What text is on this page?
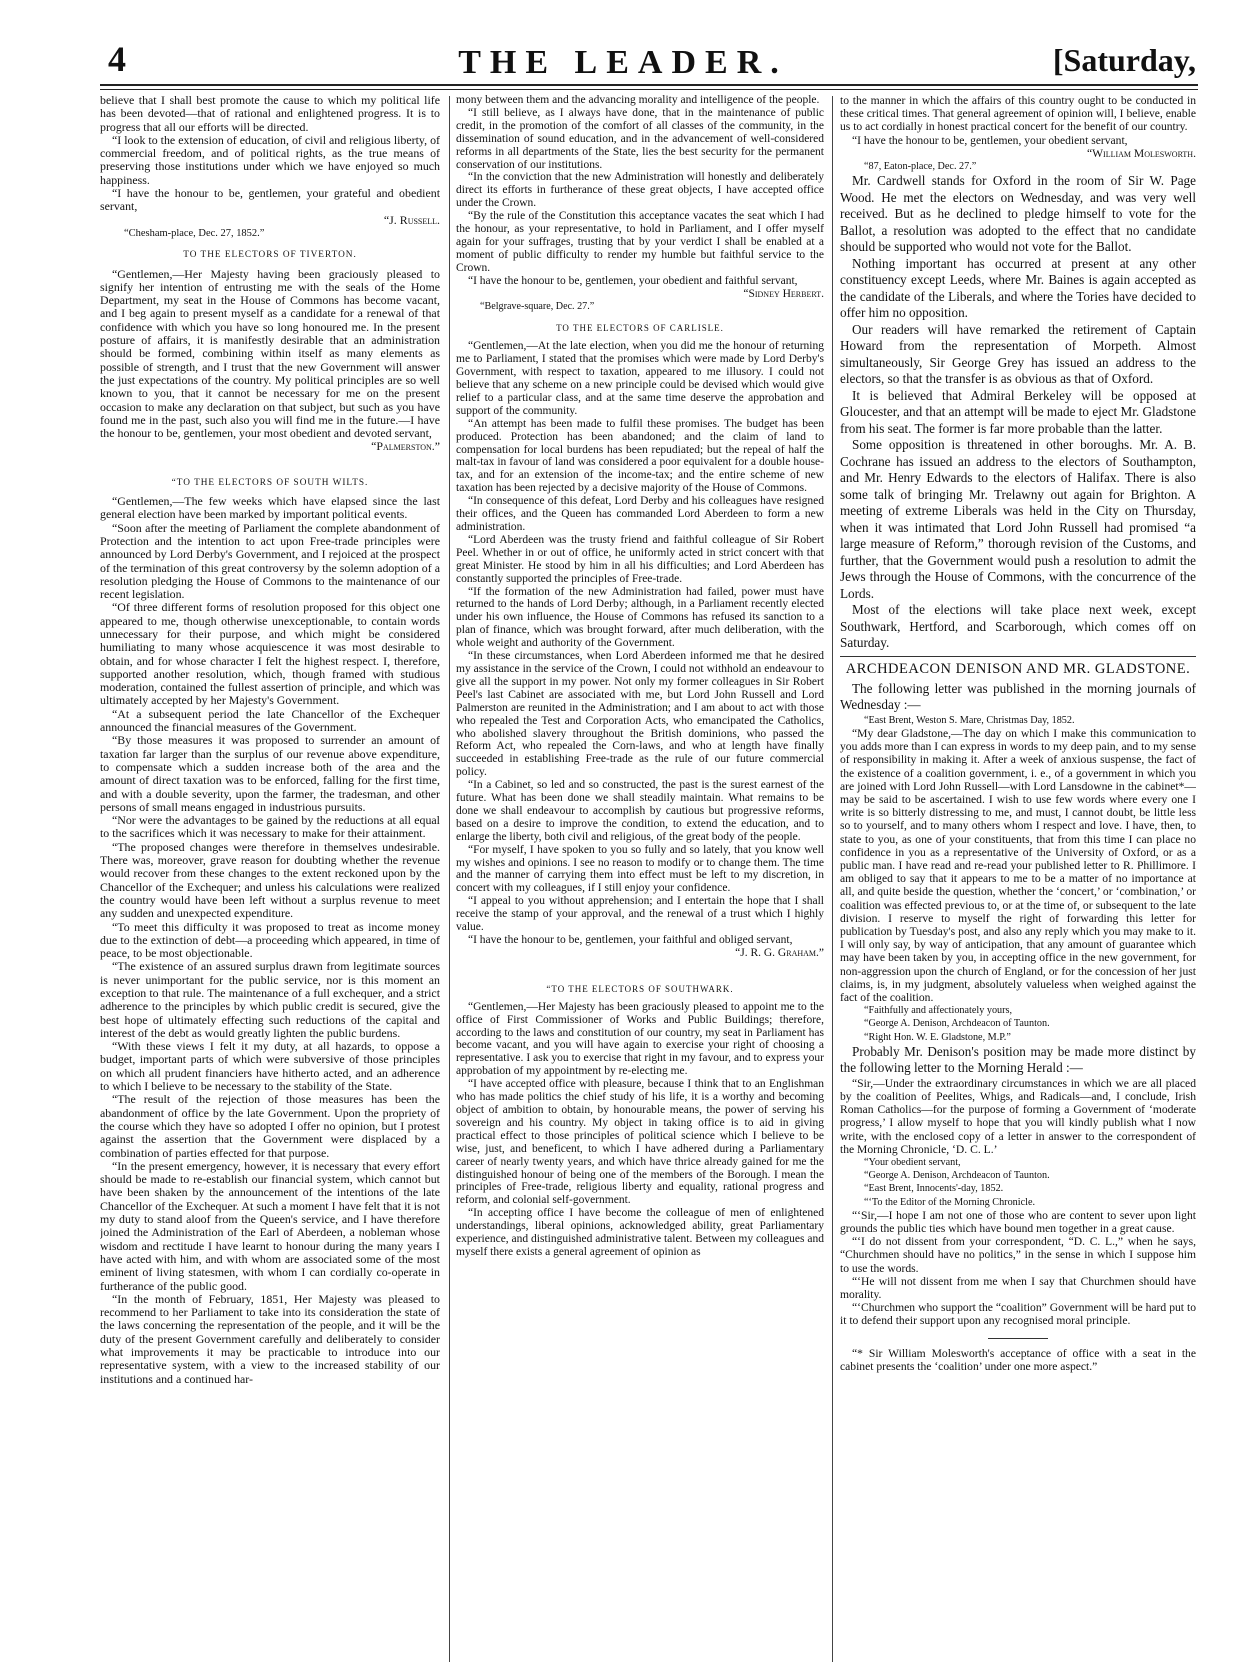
4	THE LEADER.	[Saturday,

believe that I shall best promote the cause to which my political life has been devoted—that of rational and enlightened progress. It is to progress that all our efforts will be directed.

“I look to the extension of education, of civil and religious liberty, of commercial freedom, and of political rights, as the true means of preserving those institutions under which we have enjoyed so much happiness.

“I have the honour to be, gentlemen, your grateful and obedient servant,

“J. Russell.

“Chesham-place, Dec. 27, 1852.”

TO THE ELECTORS OF TIVERTON.

“Gentlemen,—Her Majesty having been graciously pleased to signify her intention of entrusting me with the seals of the Home Department, my seat in the House of Commons has become vacant, and I beg again to present myself as a candidate for a renewal of that confidence with which you have so long honoured me. In the present posture of affairs, it is manifestly desirable that an administration should be formed, combining within itself as many elements as possible of strength, and I trust that the new Government will answer the just expectations of the country. My political principles are so well known to you, that it cannot be necessary for me on the present occasion to make any declaration on that subject, but such as you have found me in the past, such also you will find me in the future.—I have the honour to be, gentlemen, your most obedient and devoted servant,

“Palmerston.”

“TO THE ELECTORS OF SOUTH WILTS.

“Gentlemen,—The few weeks which have elapsed since the last general election have been marked by important political events.

“Soon after the meeting of Parliament the complete abandonment of Protection and the intention to act upon Free-trade principles were announced by Lord Derby's Government, and I rejoiced at the prospect of the termination of this great controversy by the solemn adoption of a resolution pledging the House of Commons to the maintenance of our recent legislation.

“Of three different forms of resolution proposed for this object one appeared to me, though otherwise unexceptionable, to contain words unnecessary for their purpose, and which might be considered humiliating to many whose acquiescence it was most desirable to obtain, and for whose character I felt the highest respect. I, therefore, supported another resolution, which, though framed with studious moderation, contained the fullest assertion of principle, and which was ultimately accepted by her Majesty's Government.

“At a subsequent period the late Chancellor of the Exchequer announced the financial measures of the Government.

“By those measures it was proposed to surrender an amount of taxation far larger than the surplus of our revenue above expenditure, to compensate which a sudden increase both of the area and the amount of direct taxation was to be enforced, falling for the first time, and with a double severity, upon the farmer, the tradesman, and other persons of small means engaged in industrious pursuits.

“Nor were the advantages to be gained by the reductions at all equal to the sacrifices which it was necessary to make for their attainment.

“The proposed changes were therefore in themselves undesirable. There was, moreover, grave reason for doubting whether the revenue would recover from these changes to the extent reckoned upon by the Chancellor of the Exchequer; and unless his calculations were realized the country would have been left without a surplus revenue to meet any sudden and unexpected expenditure.

“To meet this difficulty it was proposed to treat as income money due to the extinction of debt—a proceeding which appeared, in time of peace, to be most objectionable.

“The existence of an assured surplus drawn from legitimate sources is never unimportant for the public service, nor is this moment an exception to that rule. The maintenance of a full exchequer, and a strict adherence to the principles by which public credit is secured, give the best hope of ultimately effecting such reductions of the capital and interest of the debt as would greatly lighten the public burdens.

“With these views I felt it my duty, at all hazards, to oppose a budget, important parts of which were subversive of those principles on which all prudent financiers have hitherto acted, and an adherence to which I believe to be necessary to the stability of the State.

“The result of the rejection of those measures has been the abandonment of office by the late Government. Upon the propriety of the course which they have so adopted I offer no opinion, but I protest against the assertion that the Government were displaced by a combination of parties effected for that purpose.

“In the present emergency, however, it is necessary that every effort should be made to re-establish our financial system, which cannot but have been shaken by the announcement of the intentions of the late Chancellor of the Exchequer. At such a moment I have felt that it is not my duty to stand aloof from the Queen's service, and I have therefore joined the Administration of the Earl of Aberdeen, a nobleman whose wisdom and rectitude I have learnt to honour during the many years I have acted with him, and with whom are associated some of the most eminent of living statesmen, with whom I can cordially co-operate in furtherance of the public good.

“In the month of February, 1851, Her Majesty was pleased to recommend to her Parliament to take into its consideration the state of the laws concerning the representation of the people, and it will be the duty of the present Government carefully and deliberately to consider what improvements it may be practicable to introduce into our representative system, with a view to the increased stability of our institutions and a continued har-

mony between them and the advancing morality and intelligence of the people.

“I still believe, as I always have done, that in the maintenance of public credit, in the promotion of the comfort of all classes of the community, in the dissemination of sound education, and in the advancement of well-considered reforms in all departments of the State, lies the best security for the permanent conservation of our institutions.

“In the conviction that the new Administration will honestly and deliberately direct its efforts in furtherance of these great objects, I have accepted office under the Crown.

“By the rule of the Constitution this acceptance vacates the seat which I had the honour, as your representative, to hold in Parliament, and I offer myself again for your suffrages, trusting that by your verdict I shall be enabled at a moment of public difficulty to render my humble but faithful service to the Crown.

“I have the honour to be, gentlemen, your obedient and faithful servant,

“Sidney Herbert.

“Belgrave-square, Dec. 27.”

TO THE ELECTORS OF CARLISLE.

“Gentlemen,—At the late election, when you did me the honour of returning me to Parliament, I stated that the promises which were made by Lord Derby's Government, with respect to taxation, appeared to me illusory. I could not believe that any scheme on a new principle could be devised which would give relief to a particular class, and at the same time deserve the approbation and support of the community.

“An attempt has been made to fulfil these promises. The budget has been produced. Protection has been abandoned; and the claim of land to compensation for local burdens has been repudiated; but the repeal of half the malt-tax in favour of land was considered a poor equivalent for a double house-tax, and for an extension of the income-tax; and the entire scheme of new taxation has been rejected by a decisive majority of the House of Commons.

“In consequence of this defeat, Lord Derby and his colleagues have resigned their offices, and the Queen has commanded Lord Aberdeen to form a new administration.

“Lord Aberdeen was the trusty friend and faithful colleague of Sir Robert Peel. Whether in or out of office, he uniformly acted in strict concert with that great Minister. He stood by him in all his difficulties; and Lord Aberdeen has constantly supported the principles of Free-trade.

“If the formation of the new Administration had failed, power must have returned to the hands of Lord Derby; although, in a Parliament recently elected under his own influence, the House of Commons has refused its sanction to a plan of finance, which was brought forward, after much deliberation, with the whole weight and authority of the Government.

“In these circumstances, when Lord Aberdeen informed me that he desired my assistance in the service of the Crown, I could not withhold an endeavour to give all the support in my power. Not only my former colleagues in Sir Robert Peel's last Cabinet are associated with me, but Lord John Russell and Lord Palmerston are reunited in the Administration; and I am about to act with those who repealed the Test and Corporation Acts, who emancipated the Catholics, who abolished slavery throughout the British dominions, who passed the Reform Act, who repealed the Corn-laws, and who at length have finally succeeded in establishing Free-trade as the rule of our future commercial policy.

“In a Cabinet, so led and so constructed, the past is the surest earnest of the future. What has been done we shall steadily maintain. What remains to be done we shall endeavour to accomplish by cautious but progressive reforms, based on a desire to improve the condition, to extend the education, and to enlarge the liberty, both civil and religious, of the great body of the people.

“For myself, I have spoken to you so fully and so lately, that you know well my wishes and opinions. I see no reason to modify or to change them. The time and the manner of carrying them into effect must be left to my discretion, in concert with my colleagues, if I still enjoy your confidence.

“I appeal to you without apprehension; and I entertain the hope that I shall receive the stamp of your approval, and the renewal of a trust which I highly value.

“I have the honour to be, gentlemen, your faithful and obliged servant,

“J. R. G. Graham.”

“TO THE ELECTORS OF SOUTHWARK.

“Gentlemen,—Her Majesty has been graciously pleased to appoint me to the office of First Commissioner of Works and Public Buildings; therefore, according to the laws and constitution of our country, my seat in Parliament has become vacant, and you will have again to exercise your right of choosing a representative. I ask you to exercise that right in my favour, and to express your approbation of my appointment by re-electing me.

“I have accepted office with pleasure, because I think that to an Englishman who has made politics the chief study of his life, it is a worthy and becoming object of ambition to obtain, by honourable means, the power of serving his sovereign and his country. My object in taking office is to aid in giving practical effect to those principles of political science which I believe to be wise, just, and beneficent, to which I have adhered during a Parliamentary career of nearly twenty years, and which have thrice already gained for me the distinguished honour of being one of the members of the Borough. I mean the principles of Free-trade, religious liberty and equality, rational progress and reform, and colonial self-government.

“In accepting office I have become the colleague of men of enlightened understandings, liberal opinions, acknowledged ability, great Parliamentary experience, and distinguished administrative talent. Between my colleagues and myself there exists a general agreement of opinion as

to the manner in which the affairs of this country ought to be conducted in these critical times. That general agreement of opinion will, I believe, enable us to act cordially in honest practical concert for the benefit of our country.

“I have the honour to be, gentlemen, your obedient servant,

“William Molesworth.

“87, Eaton-place, Dec. 27.”

Mr. Cardwell stands for Oxford in the room of Sir W. Page Wood. He met the electors on Wednesday, and was very well received. But as he declined to pledge himself to vote for the Ballot, a resolution was adopted to the effect that no candidate should be supported who would not vote for the Ballot.

Nothing important has occurred at present at any other constituency except Leeds, where Mr. Baines is again accepted as the candidate of the Liberals, and where the Tories have decided to offer him no opposition.

Our readers will have remarked the retirement of Captain Howard from the representation of Morpeth. Almost simultaneously, Sir George Grey has issued an address to the electors, so that the transfer is as obvious as that of Oxford.

It is believed that Admiral Berkeley will be opposed at Gloucester, and that an attempt will be made to eject Mr. Gladstone from his seat. The former is far more probable than the latter.

Some opposition is threatened in other boroughs. Mr. A. B. Cochrane has issued an address to the electors of Southampton, and Mr. Henry Edwards to the electors of Halifax. There is also some talk of bringing Mr. Trelawny out again for Brighton. A meeting of extreme Liberals was held in the City on Thursday, when it was intimated that Lord John Russell had promised “a large measure of Reform,” thorough revision of the Customs, and further, that the Government would push a resolution to admit the Jews through the House of Commons, with the concurrence of the Lords.

Most of the elections will take place next week, except Southwark, Hertford, and Scarborough, which comes off on Saturday.

ARCHDEACON DENISON AND MR. GLADSTONE.

The following letter was published in the morning journals of Wednesday :—

“East Brent, Weston S. Mare, Christmas Day, 1852.

“My dear Gladstone,—The day on which I make this communication to you adds more than I can express in words to my deep pain, and to my sense of responsibility in making it. After a week of anxious suspense, the fact of the existence of a coalition government, i. e., of a government in which you are joined with Lord John Russell—with Lord Lansdowne in the cabinet*—may be said to be ascertained. I wish to use few words where every one I write is so bitterly distressing to me, and must, I cannot doubt, be little less so to yourself, and to many others whom I respect and love. I have, then, to state to you, as one of your constituents, that from this time I can place no confidence in you as a representative of the University of Oxford, or as a public man. I have read and re-read your published letter to R. Phillimore. I am obliged to say that it appears to me to be a matter of no importance at all, and quite beside the question, whether the ‘concert,’ or ‘combination,’ or coalition was effected previous to, or at the time of, or subsequent to the late division. I reserve to myself the right of forwarding this letter for publication by Tuesday's post, and also any reply which you may make to it. I will only say, by way of anticipation, that any amount of guarantee which may have been taken by you, in accepting office in the new government, for non-aggression upon the church of England, or for the concession of her just claims, is, in my judgment, absolutely valueless when weighed against the fact of the coalition.

“Faithfully and affectionately yours,

“George A. Denison, Archdeacon of Taunton.

“Right Hon. W. E. Gladstone, M.P.”

Probably Mr. Denison's position may be made more distinct by the following letter to the Morning Herald :—

“Sir,—Under the extraordinary circumstances in which we are all placed by the coalition of Peelites, Whigs, and Radicals—and, I conclude, Irish Roman Catholics—for the purpose of forming a Government of ‘moderate progress,’ I allow myself to hope that you will kindly publish what I now write, with the enclosed copy of a letter in answer to the correspondent of the Morning Chronicle, ‘D. C. L.’

“Your obedient servant,

“George A. Denison, Archdeacon of Taunton.

“East Brent, Innocents'-day, 1852.

“‘To the Editor of the Morning Chronicle.

“‘Sir,—I hope I am not one of those who are content to sever upon light grounds the public ties which have bound men together in a great cause.

“‘I do not dissent from your correspondent, “D. C. L.,” when he says, “Churchmen should have no politics,” in the sense in which I suppose him to use the words.

“‘He will not dissent from me when I say that Churchmen should have morality.

“‘Churchmen who support the “coalition” Government will be hard put to it to defend their support upon any recognised moral principle.

“* Sir William Molesworth's acceptance of office with a seat in the cabinet presents the ‘coalition’ under one more aspect.”
